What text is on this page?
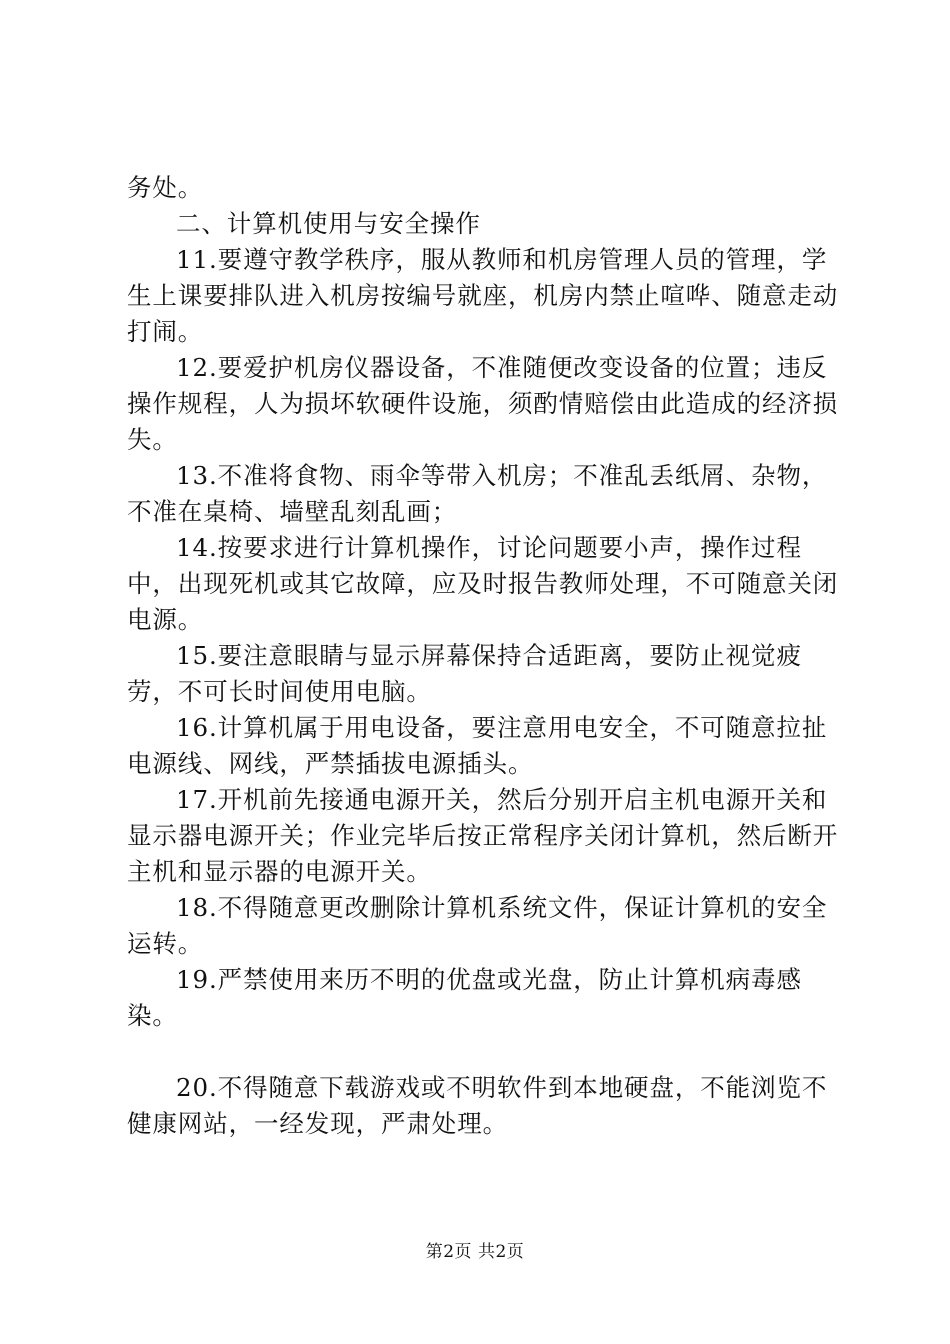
务处。

二、计算机使用与安全操作

11.要遵守教学秩序，服从教师和机房管理人员的管理，学生上课要排队进入机房按编号就座，机房内禁止喧哗、随意走动打闹。

12.要爱护机房仪器设备，不准随便改变设备的位置；违反操作规程，人为损坏软硬件设施，须酌情赔偿由此造成的经济损失。

13.不准将食物、雨伞等带入机房；不准乱丢纸屑、杂物，不准在桌椅、墙壁乱刻乱画；

14.按要求进行计算机操作，讨论问题要小声，操作过程中，出现死机或其它故障，应及时报告教师处理，不可随意关闭电源。

15.要注意眼睛与显示屏幕保持合适距离，要防止视觉疲劳，不可长时间使用电脑。

16.计算机属于用电设备，要注意用电安全，不可随意拉扯电源线、网线，严禁插拔电源插头。

17.开机前先接通电源开关，然后分别开启主机电源开关和显示器电源开关；作业完毕后按正常程序关闭计算机，然后断开主机和显示器的电源开关。

18.不得随意更改删除计算机系统文件，保证计算机的安全运转。

19.严禁使用来历不明的优盘或光盘，防止计算机病毒感染。

20.不得随意下载游戏或不明软件到本地硬盘，不能浏览不健康网站，一经发现，严肃处理。

第2页 共2页
